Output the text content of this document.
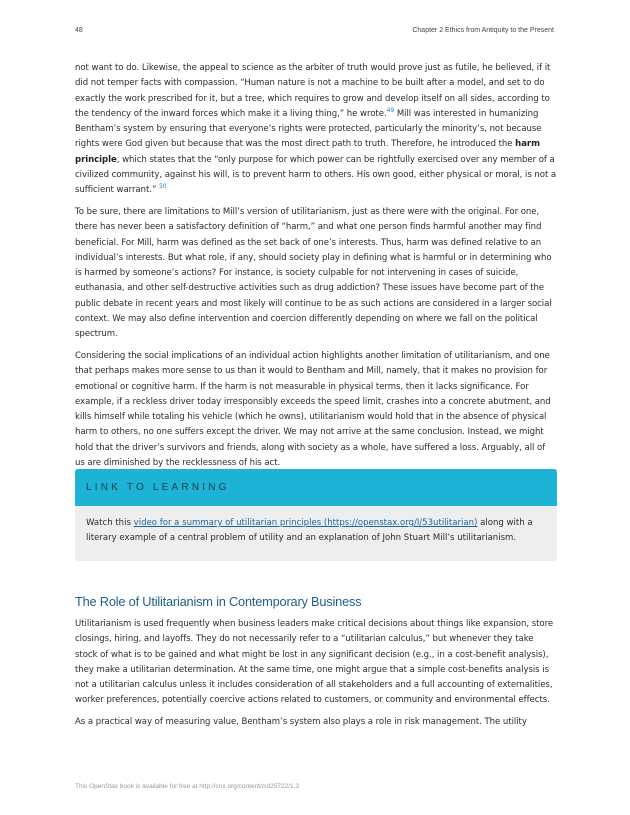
48	Chapter 2 Ethics from Antiquity to the Present

not want to do. Likewise, the appeal to science as the arbiter of truth would prove just as futile, he believed, if it did not temper facts with compassion. “Human nature is not a machine to be built after a model, and set to do exactly the work prescribed for it, but a tree, which requires to grow and develop itself on all sides, according to the tendency of the inward forces which make it a living thing,” he wrote.$^{49}$ Mill was interested in humanizing Bentham’s system by ensuring that everyone’s rights were protected, particularly the minority’s, not because rights were God given but because that was the most direct path to truth. Therefore, he introduced the harm principle, which states that the “only purpose for which power can be rightfully exercised over any member of a civilized community, against his will, is to prevent harm to others. His own good, either physical or moral, is not a sufficient warrant.” $^{50}$

To be sure, there are limitations to Mill’s version of utilitarianism, just as there were with the original. For one, there has never been a satisfactory definition of “harm,” and what one person finds harmful another may find beneficial. For Mill, harm was defined as the set back of one’s interests. Thus, harm was defined relative to an individual’s interests. But what role, if any, should society play in defining what is harmful or in determining who is harmed by someone’s actions? For instance, is society culpable for not intervening in cases of suicide, euthanasia, and other self-destructive activities such as drug addiction? These issues have become part of the public debate in recent years and most likely will continue to be as such actions are considered in a larger social context. We may also define intervention and coercion differently depending on where we fall on the political spectrum.

Considering the social implications of an individual action highlights another limitation of utilitarianism, and one that perhaps makes more sense to us than it would to Bentham and Mill, namely, that it makes no provision for emotional or cognitive harm. If the harm is not measurable in physical terms, then it lacks significance. For example, if a reckless driver today irresponsibly exceeds the speed limit, crashes into a concrete abutment, and kills himself while totaling his vehicle (which he owns), utilitarianism would hold that in the absence of physical harm to others, no one suffers except the driver. We may not arrive at the same conclusion. Instead, we might hold that the driver’s survivors and friends, along with society as a whole, have suffered a loss. Arguably, all of us are diminished by the recklessness of his act.

LINK TO LEARNING
Watch this video for a summary of utilitarian principles (https://openstax.org/l/53utilitarian) along with a literary example of a central problem of utility and an explanation of John Stuart Mill’s utilitarianism.
The Role of Utilitarianism in Contemporary Business

Utilitarianism is used frequently when business leaders make critical decisions about things like expansion, store closings, hiring, and layoffs. They do not necessarily refer to a “utilitarian calculus,” but whenever they take stock of what is to be gained and what might be lost in any significant decision (e.g., in a cost-benefit analysis), they make a utilitarian determination. At the same time, one might argue that a simple cost-benefits analysis is not a utilitarian calculus unless it includes consideration of all stakeholders and a full accounting of externalities, worker preferences, potentially coercive actions related to customers, or community and environmental effects.

As a practical way of measuring value, Bentham’s system also plays a role in risk management. The utility

This OpenStax book is available for free at http://cnx.org/content/col25722/1.3
